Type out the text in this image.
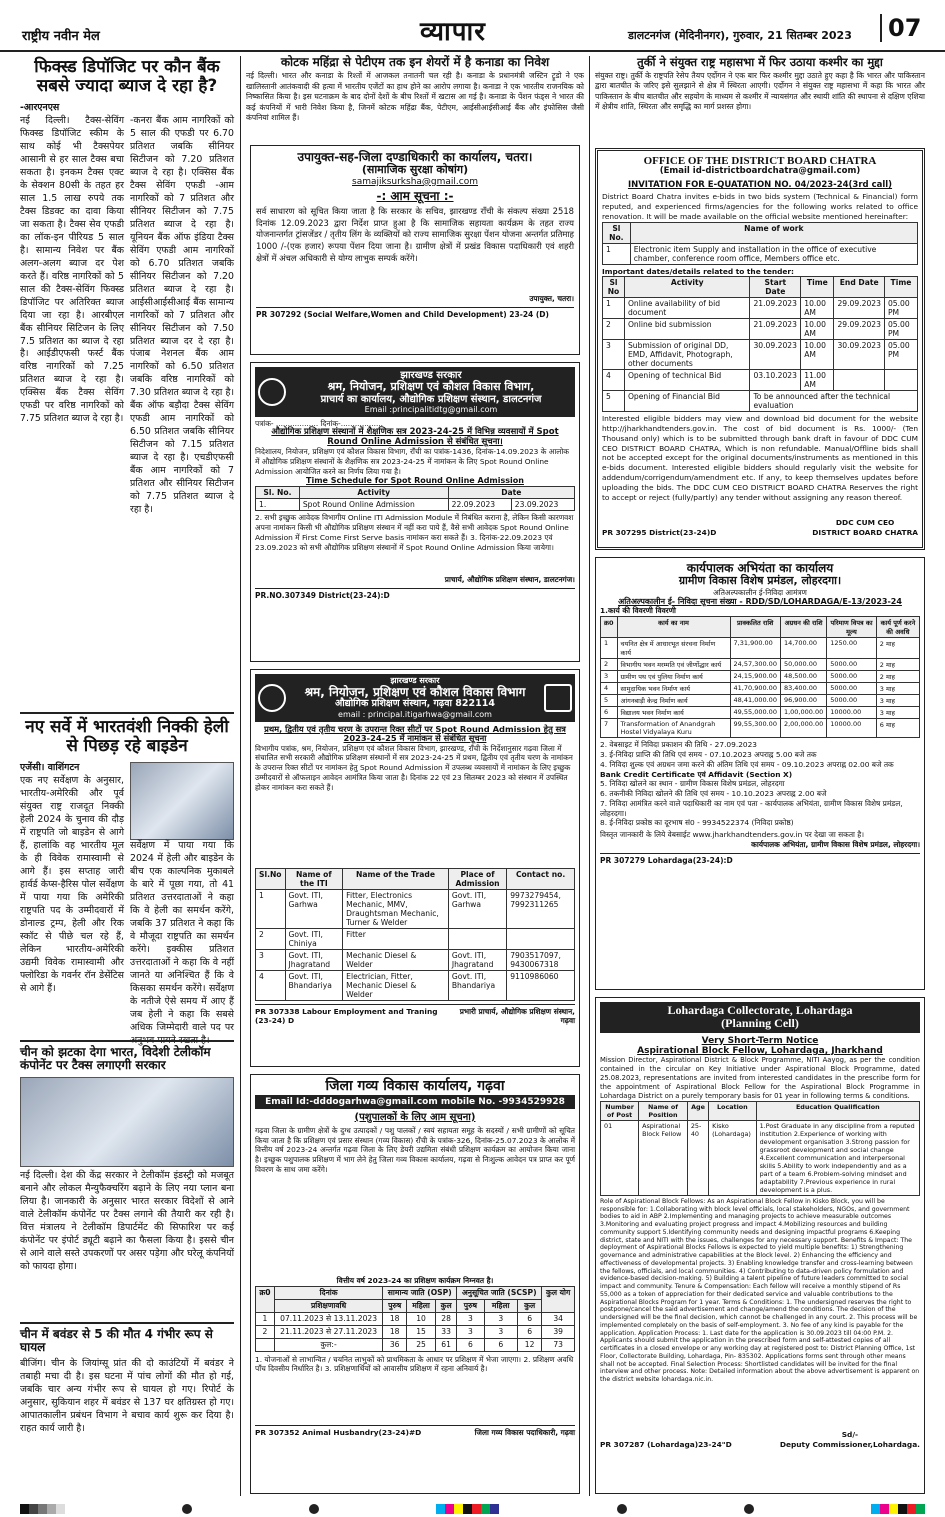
राष्ट्रीय नवीन मेल	व्यापार	डालटनगंज (मेदिनीनगर), गुरुवार, 21 सितम्बर 2023	07
फिक्स्ड डिपॉजिट पर कौन बैंक सबसे ज्यादा ब्याज दे रहा है?
-आरएनएस
नई दिल्ली। टैक्स-सेविंग फिक्स्ड डिपॉजिट स्कीम के साथ कोई भी टैक्सपेयर आसानी से हर साल टैक्स बचा सकता है। इनकम टैक्स एक्ट के सेक्शन 80सी के तहत हर साल 1.5 लाख रुपये तक टैक्स डिडक्ट का दावा किया जा सकता है। टैक्स सेव एफडी का लॉक-इन पीरियड 5 साल है। सामान्य निवेश पर बैंक अलग-अलग ब्याज दर पेश करते हैं। वरिष्ठ नागरिकों को 5 साल की टैक्स-सेविंग फिक्स्ड डिपॉजिट पर अतिरिक्त ब्याज दिया जा रहा है। आरबीएल बैंक सीनियर सिटिजन के लिए 7.5 प्रतिशत का ब्याज दे रहा है। आईडीएफसी फर्स्ट बैंक वरिष्ठ नागरिकों को 7.25 प्रतिशत ब्याज दे रहा है। एक्सिस बैंक टैक्स सेविंग एफडी पर वरिष्ठ नागरिकों को 7.75 प्रतिशत ब्याज दे रहा है।
-कनरा बैंक आम नागरिकों को 5 साल की एफडी पर 6.70 प्रतिशत जबकि सीनियर सिटीजन को 7.20 प्रतिशत ब्याज दे रहा है। एक्सिस बैंक टैक्स सेविंग एफडी -आम नागरिकों को 7 प्रतिशत और सीनियर सिटीजन को 7.75 प्रतिशत ब्याज दे रहा है। यूनियन बैंक ऑफ इंडिया टैक्स सेविंग एफडी आम नागरिकों को 6.70 प्रतिशत जबकि सीनियर सिटीजन को 7.20 प्रतिशत ब्याज दे रहा है। आईसीआईसीआई बैंक सामान्य नागरिकों को 7 प्रतिशत और सीनियर सिटीजन को 7.50 प्रतिशत ब्याज दर दे रहा है। पंजाब नेशनल बैंक आम नागरिकों को 6.50 प्रतिशत जबकि वरिष्ठ नागरिकों को 7.30 प्रतिशत ब्याज दे रहा है। बैंक ऑफ बड़ौदा टैक्स सेविंग एफडी आम नागरिकों को 6.50 प्रतिशत जबकि सीनियर सिटीजन को 7.15 प्रतिशत ब्याज दे रहा है। एचडीएफसी बैंक आम नागरिकों को 7 प्रतिशत और सीनियर सिटीजन को 7.75 प्रतिशत ब्याज दे रहा है।
नए सर्वे में भारतवंशी निक्की हेली से पिछड़ रहे बाइडेन
एजेंसी। वाशिंगटन
एक नए सर्वेक्षण के अनुसार, भारतीय-अमेरिकी और पूर्व संयुक्त राष्ट्र राजदूत निक्की हेली 2024 के चुनाव की दौड़ में राष्ट्रपति जो बाइडेन से आगे हैं, हालांकि वह भारतीय मूल के ही विवेक रामास्वामी से आगे हैं। इस सप्ताह जारी हार्वर्ड केप्स-हैरिस पोल सर्वेक्षण में पाया गया कि अमेरिकी राष्ट्रपति पद के उम्मीदवारों में डोनाल्ड ट्रम्प, हेली और रिक स्कॉट से पीछे चल रहे हैं, लेकिन भारतीय-अमेरिकी उद्यमी विवेक रामास्वामी और फ्लोरिडा के गवर्नर रॉन डेसेंटिस से आगे हैं।
सर्वेक्षण में पाया गया कि 2024 में हेली और बाइडेन के बीच एक काल्पनिक मुकाबले के बारे में पूछा गया, तो 41 प्रतिशत उत्तरदाताओं ने कहा कि वे हेली का समर्थन करेंगे, जबकि 37 प्रतिशत ने कहा कि वे मौजूदा राष्ट्रपति का समर्थन करेंगे। इक्कीस प्रतिशत उत्तरदाताओं ने कहा कि वे नहीं जानते या अनिश्चित हैं कि वे किसका समर्थन करेंगे। सर्वेक्षण के नतीजे ऐसे समय में आए हैं जब हेली ने कहा कि सबसे अधिक जिम्मेदारी वाले पद पर अनुभव मायने रखता है।
चीन को झटका देगा भारत, विदेशी टेलीकॉम कंपोनेंट पर टैक्स लगाएगी सरकार
नई दिल्ली। देश की केंद्र सरकार ने टेलीकॉम इंडस्ट्री को मजबूत बनाने और लोकल मैन्युफैक्चरिंग बढ़ाने के लिए नया प्लान बना लिया है। जानकारी के अनुसार भारत सरकार विदेशों से आने वाले टेलीकॉम कंपोनेंट पर टैक्स लगाने की तैयारी कर रही है। वित्त मंत्रालय ने टेलीकॉम डिपार्टमेंट की सिफारिश पर कई कंपोनेंट पर इंपोर्ट ड्यूटी बढ़ाने का फैसला किया है। इससे चीन से आने वाले सस्ते उपकरणों पर असर पड़ेगा और घरेलू कंपनियों को फायदा होगा।
चीन में बवंडर से 5 की मौत 4 गंभीर रूप से घायल
बीजिंग। चीन के जियांग्सू प्रांत की दो काउंटियों में बवंडर ने तबाही मचा दी है। इस घटना में पांच लोगों की मौत हो गई, जबकि चार अन्य गंभीर रूप से घायल हो गए। रिपोर्ट के अनुसार, सुकियान शहर में बवंडर से 137 घर क्षतिग्रस्त हो गए। आपातकालीन प्रबंधन विभाग ने बचाव कार्य शुरू कर दिया है। राहत कार्य जारी है।
कोटक महिंद्रा से पेटीएम तक इन शेयरों में है कनाडा का निवेश
नई दिल्ली। भारत और कनाडा के रिश्तों में आजकल तनातनी चल रही है। कनाडा के प्रधानमंत्री जस्टिन ट्रूडो ने एक खालिस्तानी आतंकवादी की हत्या में भारतीय एजेंटों का हाथ होने का आरोप लगाया है। कनाडा ने एक भारतीय राजनयिक को निष्कासित किया है। इस घटनाक्रम के बाद दोनों देशों के बीच रिश्तों में खटास आ गई है। कनाडा के पेंशन फंड्स ने भारत की कई कंपनियों में भारी निवेश किया है, जिनमें कोटक महिंद्रा बैंक, पेटीएम, आईसीआईसीआई बैंक और इंफोसिस जैसी कंपनियां शामिल हैं।
उपायुक्त-सह-जिला दण्डाधिकारी का कार्यालय, चतरा।
(सामाजिक सुरक्षा कोषांग)
samajiksurksha@gmail.com
-: आम सूचना :-
सर्व साधारण को सूचित किया जाता है कि सरकार के सचिव, झारखण्ड राँची के संकल्प संख्या 2518 दिनांक 12.09.2023 द्वारा निर्देश प्राप्त हुआ है कि सामाजिक सहायता कार्यक्रम के तहत राज्य योजनान्तर्गत ट्रांसजेंडर / तृतीय लिंग के व्यक्तियों को राज्य सामाजिक सुरक्षा पेंशन योजना अन्तर्गत प्रतिमाह 1000 /-(एक हजार) रूपया पेंशन दिया जाना है। ग्रामीण क्षेत्रों में प्रखंड विकास पदाधिकारी एवं शहरी क्षेत्रों में अंचल अधिकारी से योग्य लाभुक सम्पर्क करेंगे।
उपायुक्त, चतरा।
PR 307292 (Social Welfare,Women and Child Development) 23-24 (D)
झारखण्ड सरकार
श्रम, नियोजन, प्रशिक्षण एवं कौशल विकास विभाग,
प्राचार्य का कार्यालय, औद्योगिक प्रशिक्षण संस्थान, डालटनगंज
Email :principalitidtg@gmail.com
पत्रांक- .................. दिनांक-..................
औद्योगिक प्रशिक्षण संस्थानों में शैक्षणिक सत्र 2023-24-25 में विभिन्न व्यवसायों में Spot Round Online Admission से संबंधित सूचना।
निदेशालय, नियोजन, प्रशिक्षण एवं कौशल विकास विभाग, राँची का पत्रांक-1436, दिनांक-14.09.2023 के आलोक में औद्योगिक प्रशिक्षण संस्थानों के शैक्षणिक सत्र 2023-24-25 में नामांकन के लिए Spot Round Online Admission आयोजित करने का निर्णय लिया गया है।
Time Schedule for Spot Round Online Admission
Sl. No.	Activity	Date	
1.	Spot Round Online Admission	22.09.2023	23.09.2023
2. सभी इच्छुक आवेदक विभागीय Online ITI Admission Module में निबंधित कराना है, लेकिन किसी कारणवश अपना नामांकन किसी भी औद्योगिक प्रशिक्षण संस्थान में नहीं करा पाये हैं, वैसे सभी आवेदक Spot Round Online Admission में First Come First Serve basis नामांकन करा सकते हैं। 3. दिनांक-22.09.2023 एवं 23.09.2023 को सभी औद्योगिक प्रशिक्षण संस्थानों में Spot Round Online Admission किया जायेगा।
प्राचार्य, औद्योगिक प्रशिक्षण संस्थान, डालटनगंज।
PR.NO.307349 District(23-24):D
झारखण्ड सरकार
श्रम, नियोजन, प्रशिक्षण एवं कौशल विकास विभाग
औद्योगिक प्रशिक्षण संस्थान, गढ़वा 822114
email : principal.itigarhwa@gmail.com
प्रथम, द्वितीय एवं तृतीय चरण के उपरान्त रिक्त सीटों पर Spot Round Admission हेतु सत्र 2023-24-25 में नामांकन से संबंधित सूचना
विभागीय पत्रांक, श्रम, नियोजन, प्रशिक्षण एवं कौशल विकास विभाग, झारखण्ड, राँची के निर्देशानुसार गढ़वा जिला में संचालित सभी सरकारी औद्योगिक प्रशिक्षण संस्थानों में सत्र 2023-24-25 में प्रथम, द्वितीय एवं तृतीय चरण के नामांकन के उपरान्त रिक्त सीटों पर नामांकन हेतु Spot Round Admission में उपलब्ध व्यवसायों में नामांकन के लिए इच्छुक उम्मीदवारों से ऑफलाइन आवेदन आमंत्रित किया जाता है। दिनांक 22 एवं 23 सितम्बर 2023 को संस्थान में उपस्थित होकर नामांकन करा सकते हैं।
Sl.No	Name of the ITI	Name of the Trade	Place of Admission	Contact no.
1	Govt. ITI, Garhwa	Fitter, Electronics Mechanic, MMV, Draughtsman Mechanic, Turner & Welder	Govt. ITI, Garhwa	9973279454, 7992311265
2	Govt. ITI, Chiniya	Fitter		
3	Govt. ITI, Jhagratand	Mechanic Diesel & Welder	Govt. ITI, Jhagratand	7903517097, 9430067318
4	Govt. ITI, Bhandariya	Electrician, Fitter, Mechanic Diesel & Welder	Govt. ITI, Bhandariya	9110986060
PR 307338 Labour Employment and Traning (23-24) D
प्रभारी प्राचार्य, औद्योगिक प्रशिक्षण संस्थान, गढ़वा
जिला गव्य विकास कार्यालय, गढ़वा
Email Id:-dddogarhwa@gmail.com mobile No. -9934529928
(पशुपालकों के लिए आम सूचना)
गढ़वा जिला के ग्रामीण क्षेत्रों के दुग्ध उत्पादकों / पशु पालकों / स्वयं सहायता समूह के सदस्यों / सभी ग्रामीणों को सूचित किया जाता है कि प्रशिक्षण एवं प्रसार संस्थान (गव्य विकास) राँची के पत्रांक-326, दिनांक-25.07.2023 के आलोक में वित्तीय वर्ष 2023-24 अन्तर्गत गढ़वा जिला के लिए डेयरी उद्यमिता संबंधी प्रशिक्षण कार्यक्रम का आयोजन किया जाना है। इच्छुक पशुपालक प्रशिक्षण में भाग लेने हेतु जिला गव्य विकास कार्यालय, गढ़वा से निःशुल्क आवेदन पत्र प्राप्त कर पूर्ण विवरण के साथ जमा करेंगे।
वित्तीय वर्ष 2023-24 का प्रशिक्षण कार्यक्रम निम्नवत है।
क्र0	दिनांक	सामान्य जाति (OSP)			अनुसूचित जाति (SCSP)			कुल योग
	प्रशिक्षणावधि	पुरुष	महिला	कुल	पुरुष	महिला	कुल	
1	07.11.2023 से 13.11.2023	18	10	28	3	3	6	34
2	21.11.2023 से 27.11.2023	18	15	33	3	3	6	39
	कुल:-	36	25	61	6	6	12	73
1. योजनाओं से लाभान्वित / चयनित लाभुकों को प्राथमिकता के आधार पर प्रशिक्षण में भेजा जाएगा। 2. प्रशिक्षण अवधि पाँच दिवसीय निर्धारित है। 3. प्रशिक्षणार्थियों को आवासीय प्रशिक्षण में रहना अनिवार्य है।
PR 307352 Animal Husbandry(23-24)#D	जिला गव्य विकास पदाधिकारी, गढ़वा
तुर्की ने संयुक्त राष्ट्र महासभा में फिर उठाया कश्मीर का मुद्दा
संयुक्त राष्ट्र। तुर्की के राष्ट्रपति रेसेप तैयप एर्दोगन ने एक बार फिर कश्मीर मुद्दा उठाते हुए कहा है कि भारत और पाकिस्तान द्वारा बातचीत के जरिए इसे सुलझाने से क्षेत्र में स्थिरता आएगी। एर्दोगन ने संयुक्त राष्ट्र महासभा में कहा कि भारत और पाकिस्तान के बीच बातचीत और सहयोग के माध्यम से कश्मीर में न्यायसंगत और स्थायी शांति की स्थापना से दक्षिण एशिया में क्षेत्रीय शांति, स्थिरता और समृद्धि का मार्ग प्रशस्त होगा।
OFFICE OF THE DISTRICT BOARD CHATRA
(Email id-districtboardchatra@gmail.com)
INVITATION FOR E-QUATATION NO. 04/2023-24(3rd call)
District Board Chatra invites e-bids in two bids system (Technical & Financial) form reputed, and experienced firms/agencies for the following works related to office renovation. It will be made available on the official website mentioned hereinafter:
Sl No.	Name of work
1	Electronic item Supply and installation in the office of executive chamber, conference room office, Members office etc.
Important dates/details related to the tender:
Sl No	Activity	Start Date	Time	End Date	Time
1	Online availability of bid document	21.09.2023	10.00 AM	29.09.2023	05.00 PM
2	Online bid submission	21.09.2023	10.00 AM	29.09.2023	05.00 PM
3	Submission of original DD, EMD, Affidavit, Photograph, other documents	30.09.2023	10.00 AM	30.09.2023	05.00 PM
4	Opening of technical Bid	03.10.2023	11.00 AM		
5	Opening of Financial Bid	To be announced after the technical evaluation			
Interested eligible bidders may view and download bid document for the website http://jharkhandtenders.gov.in. The cost of bid document is Rs. 1000/- (Ten Thousand only) which is to be submitted through bank draft in favour of DDC CUM CEO DISTRICT BOARD CHATRA, Which is non refundable. Manual/Offline bids shall not be accepted except for the original documents/instruments as mentioned in this e-bids document. Interested eligible bidders should regularly visit the website for addendum/corrigendum/amendment etc. If any, to keep themselves updates before uploading the bids. The DDC CUM CEO DISTRICT BOARD CHATRA Reserves the right to accept or reject (fully/partly) any tender without assigning any reason thereof.
PR 307295 District(23-24)D
DDC CUM CEO
DISTRICT BOARD CHATRA
कार्यपालक अभियंता का कार्यालय
ग्रामीण विकास विशेष प्रमंडल, लोहरदगा।
अतिअल्पकालीन ई-निविदा आमंत्रण
अतिअल्पकालीन ई- निविदा सूचना संख्या - RDD/SD/LOHARDAGA/E-13/2023-24
1.कार्य की विवरणी विवरणी
क्र0	कार्य का नाम	प्राक्कलित राशि	अग्रधन की राशि	परिमाण विपत्र का मूल्य	कार्य पूर्ण करने की अवधि
1	चयनित क्षेत्र में आधारभूत संरचना निर्माण कार्य	7,31,900.00	14,700.00	1250.00	2 माह
2	विभागीय भवन मरम्मति एवं जीर्णोद्धार कार्य	24,57,300.00	50,000.00	5000.00	2 माह
3	ग्रामीण पथ एवं पुलिया निर्माण कार्य	24,15,900.00	48,500.00	5000.00	2 माह
4	सामुदायिक भवन निर्माण कार्य	41,70,900.00	83,400.00	5000.00	3 माह
5	आंगनबाड़ी केन्द्र निर्माण कार्य	48,41,000.00	96,900.00	5000.00	3 माह
6	विद्यालय भवन निर्माण कार्य	49,55,000.00	1,00,000.00	10000.00	3 माह
7	Transformation of Anandgrah Hostel Vidyalaya Kuru	99,55,300.00	2,00,000.00	10000.00	6 माह
2. वेबसाइट में निविदा प्रकाशन की तिथि - 27.09.2023
3. ई-निविदा प्राप्ति की तिथि एवं समय - 07.10.2023 अपराह्न 5.00 बजे तक
4. निविदा शुल्क एवं अग्रधन जमा करने की अंतिम तिथि एवं समय - 09.10.2023 अपराह्न 02.00 बजे तक
Bank Credit Certificate एवं Affidavit (Section X)
5. निविदा खोलने का स्थान - ग्रामीण विकास विशेष प्रमंडल, लोहरदगा
6. तकनीकी निविदा खोलने की तिथि एवं समय - 10.10.2023 अपराह्न 2.00 बजे
7. निविदा आमंत्रित करने वाले पदाधिकारी का नाम एवं पता - कार्यपालक अभियंता, ग्रामीण विकास विशेष प्रमंडल, लोहरदगा।
8. ई-निविदा प्रकोष्ठ का दूरभाष सं0 - 9934522374 (निविदा प्रकोष्ठ)
विस्तृत जानकारी के लिये वेबसाईट www.jharkhandtenders.gov.in पर देखा जा सकता है।
कार्यपालक अभियंता, ग्रामीण विकास विशेष प्रमंडल, लोहरदगा।
PR 307279 Lohardaga(23-24):D
Lohardaga Collectorate, Lohardaga
(Planning Cell)
Very Short-Term Notice
Aspirational Block Fellow, Lohardaga, Jharkhand
Mission Director, Aspirational District & Block Programme, NITI Aayog, as per the condition contained in the circular on Key Initiative under Aspirational Block Programme, dated 25.08.2023, representations are invited from interested candidates in the prescribe form for the appointment of Aspirational Block Fellow for the Aspirational Block Programme in Lohardaga District on a purely temporary basis for 01 year in following terms & conditions.
Number of Post	Name of Position	Age	Location	Education Qualification
01	Aspirational Block Fellow	25-40	Kisko (Lohardaga)	1.Post Graduate in any discipline from a reputed institution 2.Experience of working with development organisation 3.Strong passion for grassroot development and social change 4.Excellent communication and interpersonal skills 5.Ability to work independently and as a part of a team 6.Problem-solving mindset and adaptability 7.Previous experience in rural development is a plus.
Role of Aspirational Block Fellows: As an Aspirational Block Fellow in Kisko Block, you will be responsible for: 1.Collaborating with block level officials, local stakeholders, NGOs, and government bodies to aid in ABP 2.Implementing and managing projects to achieve measurable outcomes 3.Monitoring and evaluating project progress and impact 4.Mobilizing resources and building community support 5.Identifying community needs and designing impactful programs 6.Keeping district, state and NITI with the issues, challenges for any necessary support. Benefits & Impact: The deployment of Aspirational Blocks Fellows is expected to yield multiple benefits: 1) Strengthening governance and administrative capabilities at the Block level. 2) Enhancing the efficiency and effectiveness of developmental projects. 3) Enabling knowledge transfer and cross-learning between the fellows, officials, and local communities. 4) Contributing to data-driven policy formulation and evidence-based decision-making. 5) Building a talent pipeline of future leaders committed to social impact and community. Tenure & Compensation: Each fellow will receive a monthly stipend of Rs 55,000 as a token of appreciation for their dedicated service and valuable contributions to the Aspirational Blocks Program for 1 year. Terms & Conditions: 1. The undersigned reserves the right to postpone/cancel the said advertisement and change/amend the conditions. The decision of the undersigned will be the final decision, which cannot be challenged in any court. 2. This process will be implemented completely on the basis of self-employment. 3. No fee of any kind is payable for the application. Application Process: 1. Last date for the application is 30.09.2023 till 04:00 P.M. 2. Applicants should submit the application in the prescribed form and self-attested copies of all certificates in a closed envelope or any working day at registered post to: District Planning Office, 1st Floor, Collectorate Building, Lohardaga, Pin- 835302. Applications forms sent through other means shall not be accepted. Final Selection Process: Shortlisted candidates will be invited for the final interview and other process. Note: Detailed information about the above advertisement is apparent on the district website lohardaga.nic.in.
PR 307287 (Lohardaga)23-24"D
Sd/-
Deputy Commissioner,Lohardaga.
